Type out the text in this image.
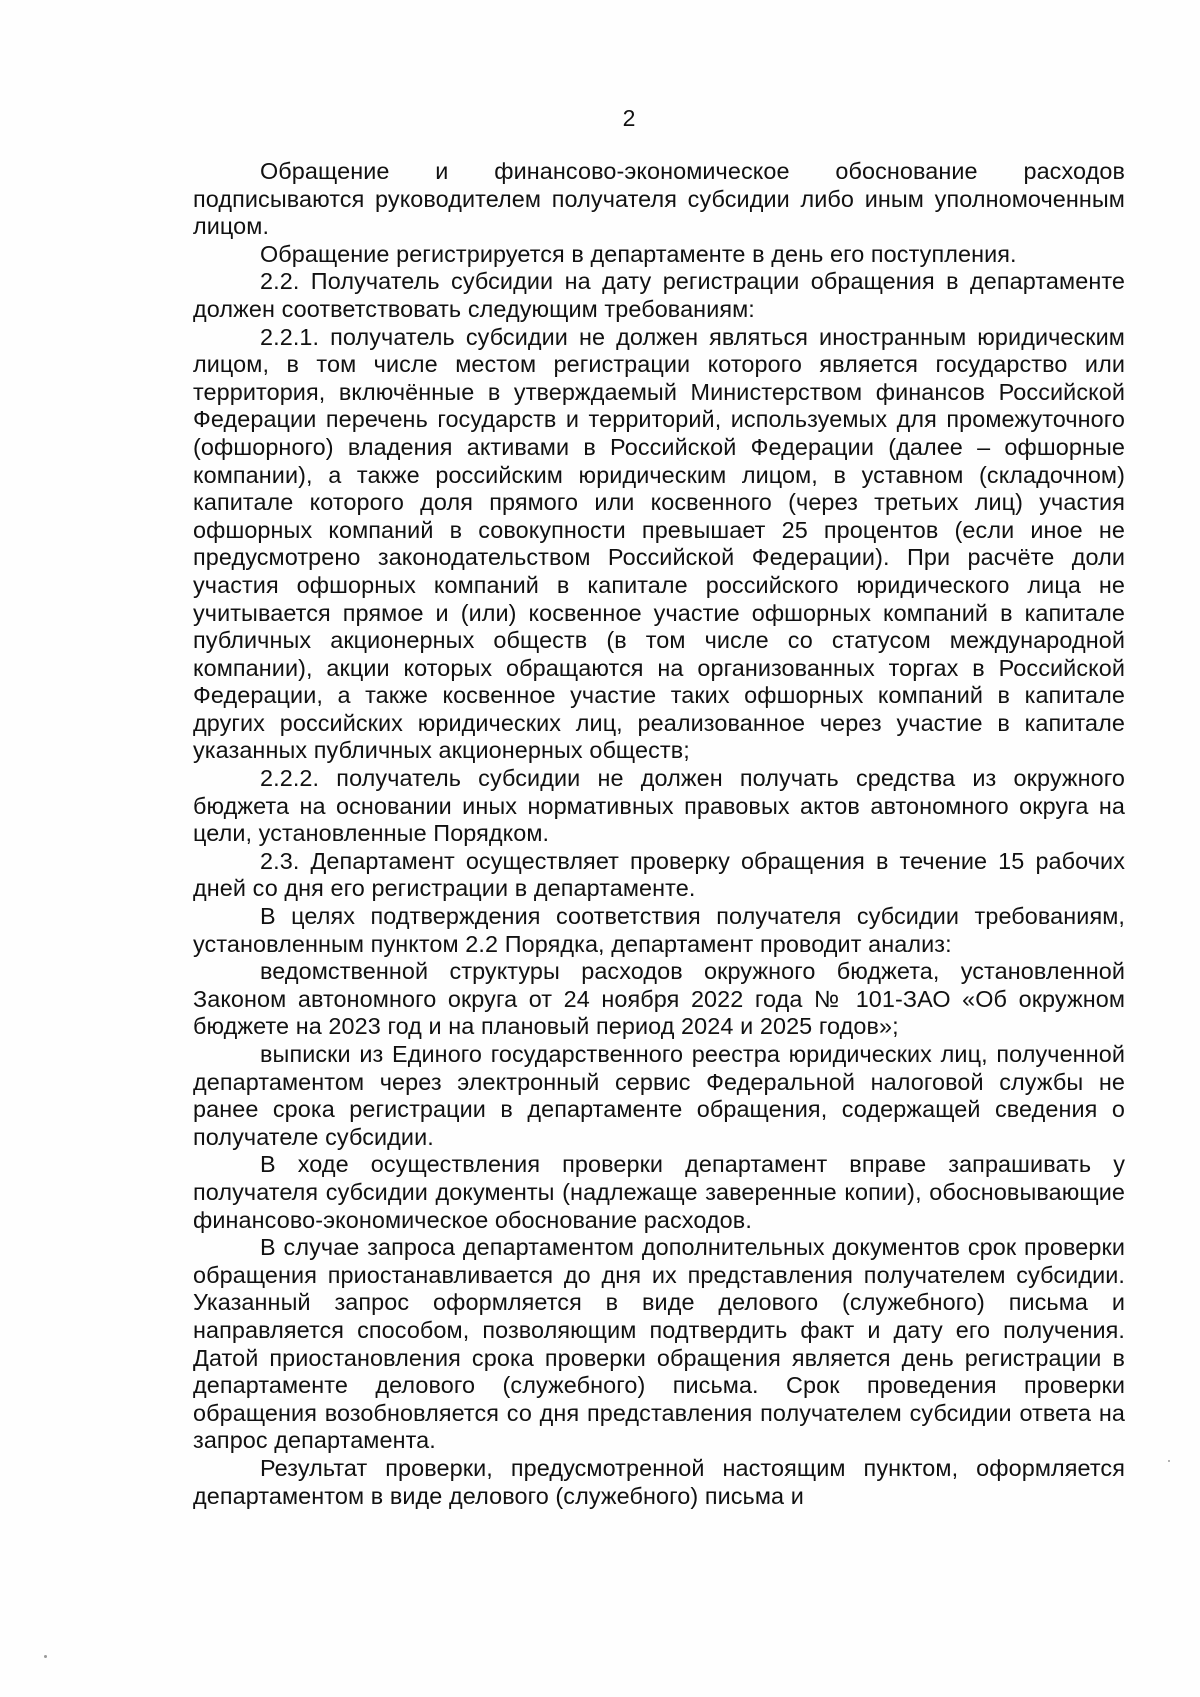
2

Обращение и финансово-экономическое обоснование расходов подписываются руководителем получателя субсидии либо иным уполномоченным лицом.

Обращение регистрируется в департаменте в день его поступления.

2.2. Получатель субсидии на дату регистрации обращения в департаменте должен соответствовать следующим требованиям:

2.2.1. получатель субсидии не должен являться иностранным юридическим лицом, в том числе местом регистрации которого является государство или территория, включённые в утверждаемый Министерством финансов Российской Федерации перечень государств и территорий, используемых для промежуточного (офшорного) владения активами в Российской Федерации (далее – офшорные компании), а также российским юридическим лицом, в уставном (складочном) капитале которого доля прямого или косвенного (через третьих лиц) участия офшорных компаний в совокупности превышает 25 процентов (если иное не предусмотрено законодательством Российской Федерации). При расчёте доли участия офшорных компаний в капитале российского юридического лица не учитывается прямое и (или) косвенное участие офшорных компаний в капитале публичных акционерных обществ (в том числе со статусом международной компании), акции которых обращаются на организованных торгах в Российской Федерации, а также косвенное участие таких офшорных компаний в капитале других российских юридических лиц, реализованное через участие в капитале указанных публичных акционерных обществ;

2.2.2. получатель субсидии не должен получать средства из окружного бюджета на основании иных нормативных правовых актов автономного округа на цели, установленные Порядком.

2.3. Департамент осуществляет проверку обращения в течение 15 рабочих дней со дня его регистрации в департаменте.

В целях подтверждения соответствия получателя субсидии требованиям, установленным пунктом 2.2 Порядка, департамент проводит анализ:

ведомственной структуры расходов окружного бюджета, установленной Законом автономного округа от 24 ноября 2022 года № 101-ЗАО «Об окружном бюджете на 2023 год и на плановый период 2024 и 2025 годов»;

выписки из Единого государственного реестра юридических лиц, полученной департаментом через электронный сервис Федеральной налоговой службы не ранее срока регистрации в департаменте обращения, содержащей сведения о получателе субсидии.

В ходе осуществления проверки департамент вправе запрашивать у получателя субсидии документы (надлежаще заверенные копии), обосновывающие финансово-экономическое обоснование расходов.

В случае запроса департаментом дополнительных документов срок проверки обращения приостанавливается до дня их представления получателем субсидии. Указанный запрос оформляется в виде делового (служебного) письма и направляется способом, позволяющим подтвердить факт и дату его получения. Датой приостановления срока проверки обращения является день регистрации в департаменте делового (служебного) письма. Срок проведения проверки обращения возобновляется со дня представления получателем субсидии ответа на запрос департамента.

Результат проверки, предусмотренной настоящим пунктом, оформляется департаментом в виде делового (служебного) письма и
